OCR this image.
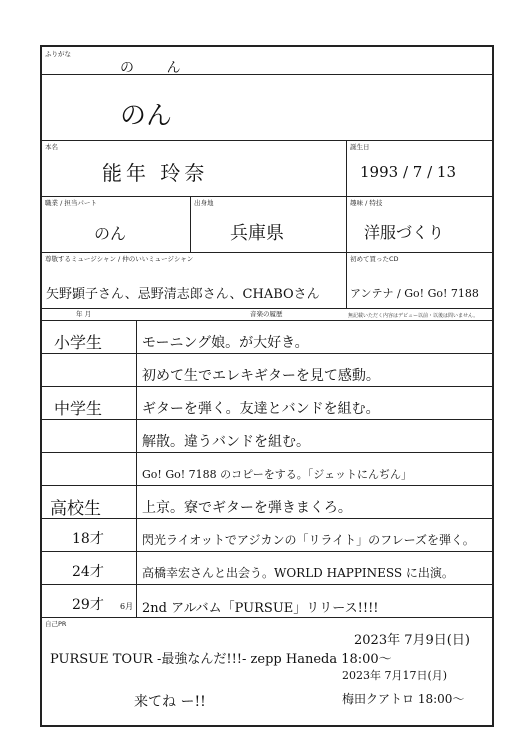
ふりがな
の ん
のん
本名	誕生日
能年 玲奈	1993 / 7 / 13
職業 / 担当パート	出身地	趣味 / 特技
のん	兵庫県	洋服づくり
尊敬するミュージシャン / 仲のいいミュージシャン	初めて買ったCD
矢野顕子さん、忌野清志郎さん、CHABOさん	アンテナ / Go! Go! 7188
年 月	音楽の履歴	無記載いただく内容はデビュー以前・以後は問いません。
小学生	モーニング娘。が大好き。
初めて生でエレキギターを見て感動。
中学生	ギターを弾く。友達とバンドを組む。
解散。違うバンドを組む。
Go! Go! 7188 のコピーをする。「ジェットにんぢん」
高校生	上京。寮でギターを弾きまくろ。
18才	閃光ライオットでアジカンの「リライト」のフレーズを弾く。
24才	高橋幸宏さんと出会う。WORLD HAPPINESS に出演。
29才 6月 2nd アルバム「PURSUE」リリース!!!!
自己PR
2023年 7月9日(日)
PURSUE TOUR -最強なんだ!!!- zepp Haneda 18:00〜
2023年 7月17日(月)
来てね ー!!	梅田クアトロ 18:00〜
